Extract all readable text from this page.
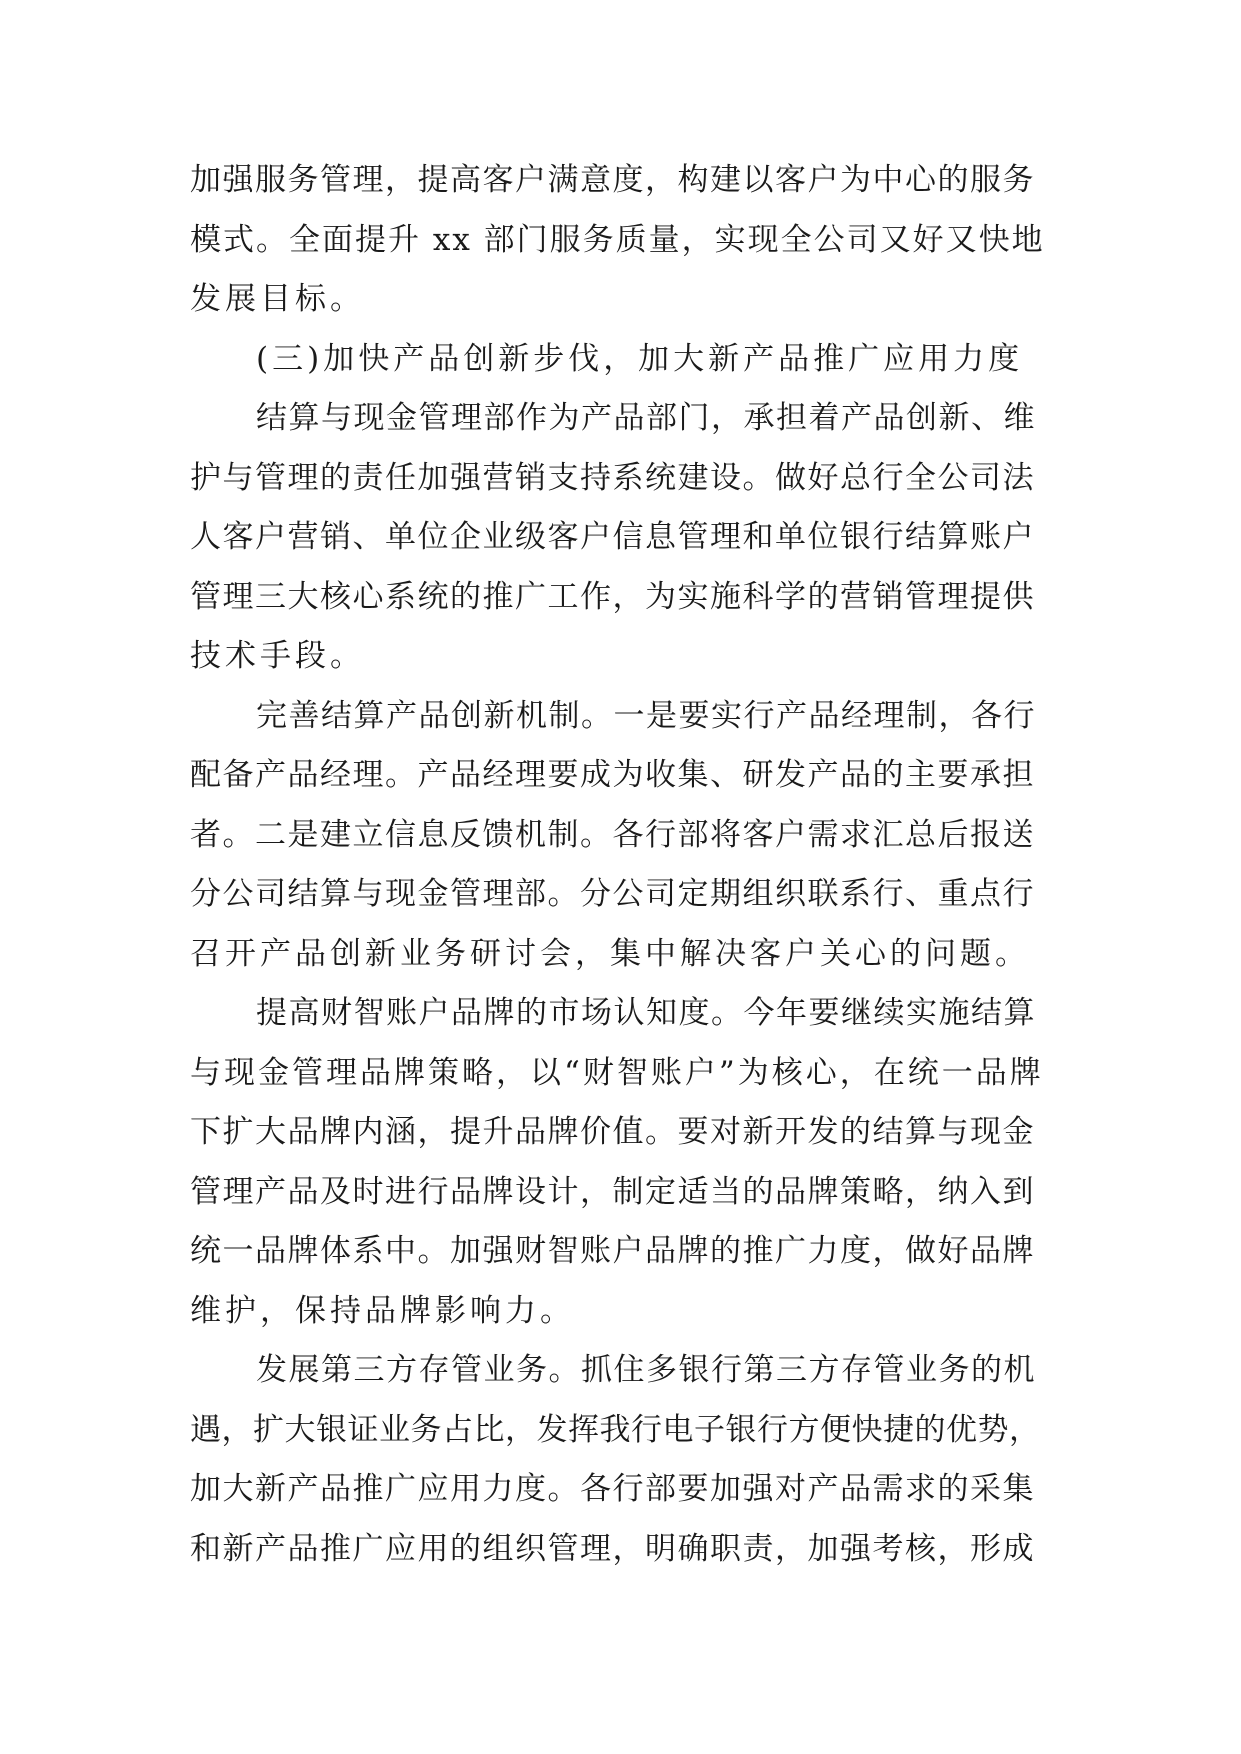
加强服务管理，提高客户满意度，构建以客户为中心的服务
模式。全面提升 xx 部门服务质量，实现全公司又好又快地
发展目标。
(三)加快产品创新步伐，加大新产品推广应用力度
结算与现金管理部作为产品部门，承担着产品创新、维
护与管理的责任加强营销支持系统建设。做好总行全公司法
人客户营销、单位企业级客户信息管理和单位银行结算账户
管理三大核心系统的推广工作，为实施科学的营销管理提供
技术手段。
完善结算产品创新机制。一是要实行产品经理制，各行
配备产品经理。产品经理要成为收集、研发产品的主要承担
者。二是建立信息反馈机制。各行部将客户需求汇总后报送
分公司结算与现金管理部。分公司定期组织联系行、重点行
召开产品创新业务研讨会，集中解决客户关心的问题。
提高财智账户品牌的市场认知度。今年要继续实施结算
与现金管理品牌策略，以“财智账户”为核心，在统一品牌
下扩大品牌内涵，提升品牌价值。要对新开发的结算与现金
管理产品及时进行品牌设计，制定适当的品牌策略，纳入到
统一品牌体系中。加强财智账户品牌的推广力度，做好品牌
维护，保持品牌影响力。
发展第三方存管业务。抓住多银行第三方存管业务的机
遇，扩大银证业务占比，发挥我行电子银行方便快捷的优势，
加大新产品推广应用力度。各行部要加强对产品需求的采集
和新产品推广应用的组织管理，明确职责，加强考核，形成
